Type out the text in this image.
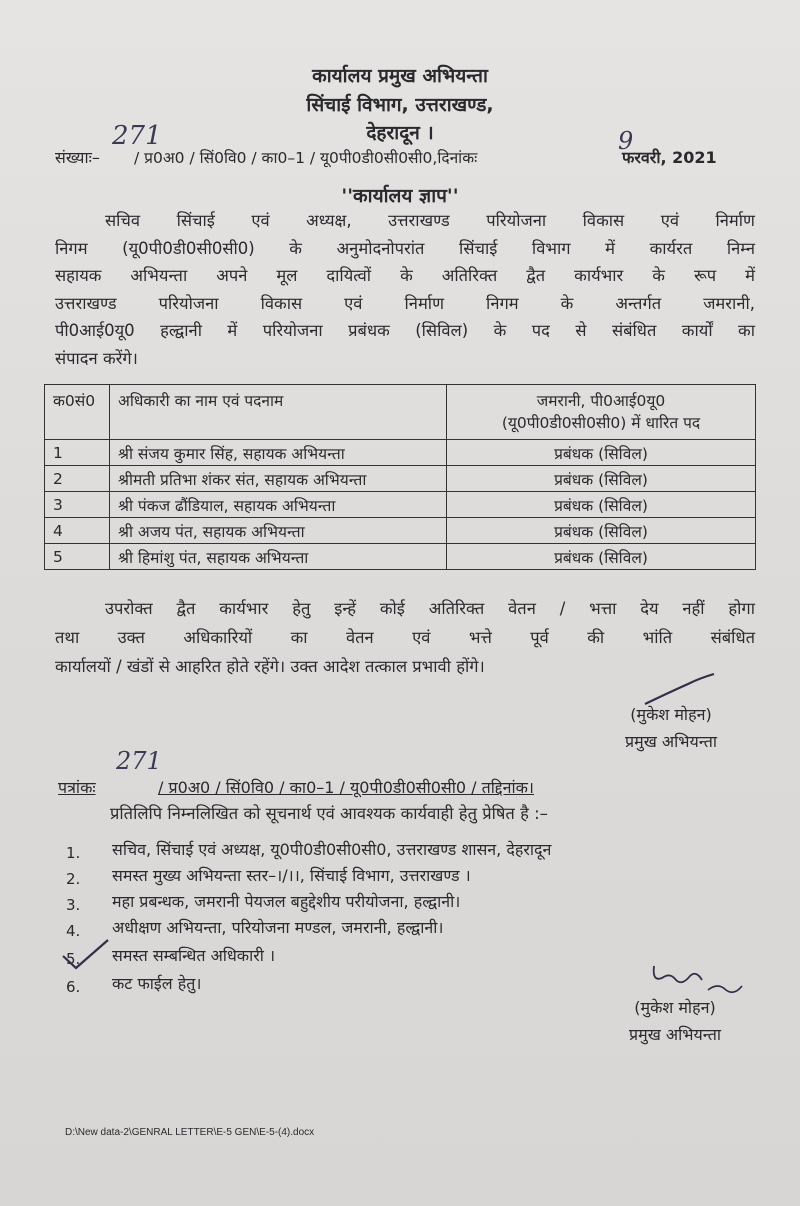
कार्यालय प्रमुख अभियन्ता
सिंचाई विभाग, उत्तराखण्ड,
देहरादून ।
271	9
संख्याः– / प्र0अ0 / सिं0वि0 / का0–1 / यू0पी0डी0सी0सी0,दिनांकः	फरवरी, 2021
''कार्यालय ज्ञाप''
सचिव सिंचाई एवं अध्यक्ष, उत्तराखण्ड परियोजना विकास एवं निर्माण
निगम (यू0पी0डी0सी0सी0) के अनुमोदनोपरांत सिंचाई विभाग में कार्यरत निम्न
सहायक अभियन्ता अपने मूल दायित्वों के अतिरिक्त द्वैत कार्यभार के रूप में
उत्तराखण्ड परियोजना विकास एवं निर्माण निगम के अन्तर्गत जमरानी,
पी0आई0यू0 हल्द्वानी में परियोजना प्रबंधक (सिविल) के पद से संबंधित कार्यों का
संपादन करेंगे।
क0सं0	अधिकारी का नाम एवं पदनाम	जमरानी, पी0आई0यू0
(यू0पी0डी0सी0सी0) में धारित पद
1	श्री संजय कुमार सिंह, सहायक अभियन्ता	प्रबंधक (सिविल)
2	श्रीमती प्रतिभा शंकर संत, सहायक अभियन्ता	प्रबंधक (सिविल)
3	श्री पंकज ढौंडियाल, सहायक अभियन्ता	प्रबंधक (सिविल)
4	श्री अजय पंत, सहायक अभियन्ता	प्रबंधक (सिविल)
5	श्री हिमांशु पंत, सहायक अभियन्ता	प्रबंधक (सिविल)
उपरोक्त द्वैत कार्यभार हेतु इन्हें कोई अतिरिक्त वेतन / भत्ता देय नहीं होगा
तथा उक्त अधिकारियों का वेतन एवं भत्ते पूर्व की भांति संबंधित
कार्यालयों / खंडों से आहरित होते रहेंगे। उक्त आदेश तत्काल प्रभावी होंगे।
(मुकेश मोहन)
प्रमुख अभियन्ता
271
पत्रांकः	/ प्र0अ0 / सिं0वि0 / का0–1 / यू0पी0डी0सी0सी0 / तद्दिनांक।
प्रतिलिपि निम्नलिखित को सूचनार्थ एवं आवश्यक कार्यवाही हेतु प्रेषित है :–
1. सचिव, सिंचाई एवं अध्यक्ष, यू0पी0डी0सी0सी0, उत्तराखण्ड शासन, देहरादून
2. समस्त मुख्य अभियन्ता स्तर–।/।।, सिंचाई विभाग, उत्तराखण्ड ।
3. महा प्रबन्धक, जमरानी पेयजल बहुद्देशीय परीयोजना, हल्द्वानी।
4. अधीक्षण अभियन्ता, परियोजना मण्डल, जमरानी, हल्द्वानी।
5. समस्त सम्बन्धित अधिकारी ।
6. कट फाईल हेतु।
(मुकेश मोहन)
प्रमुख अभियन्ता
D:\New data-2\GENRAL LETTER\E-5 GEN\E-5-(4).docx
